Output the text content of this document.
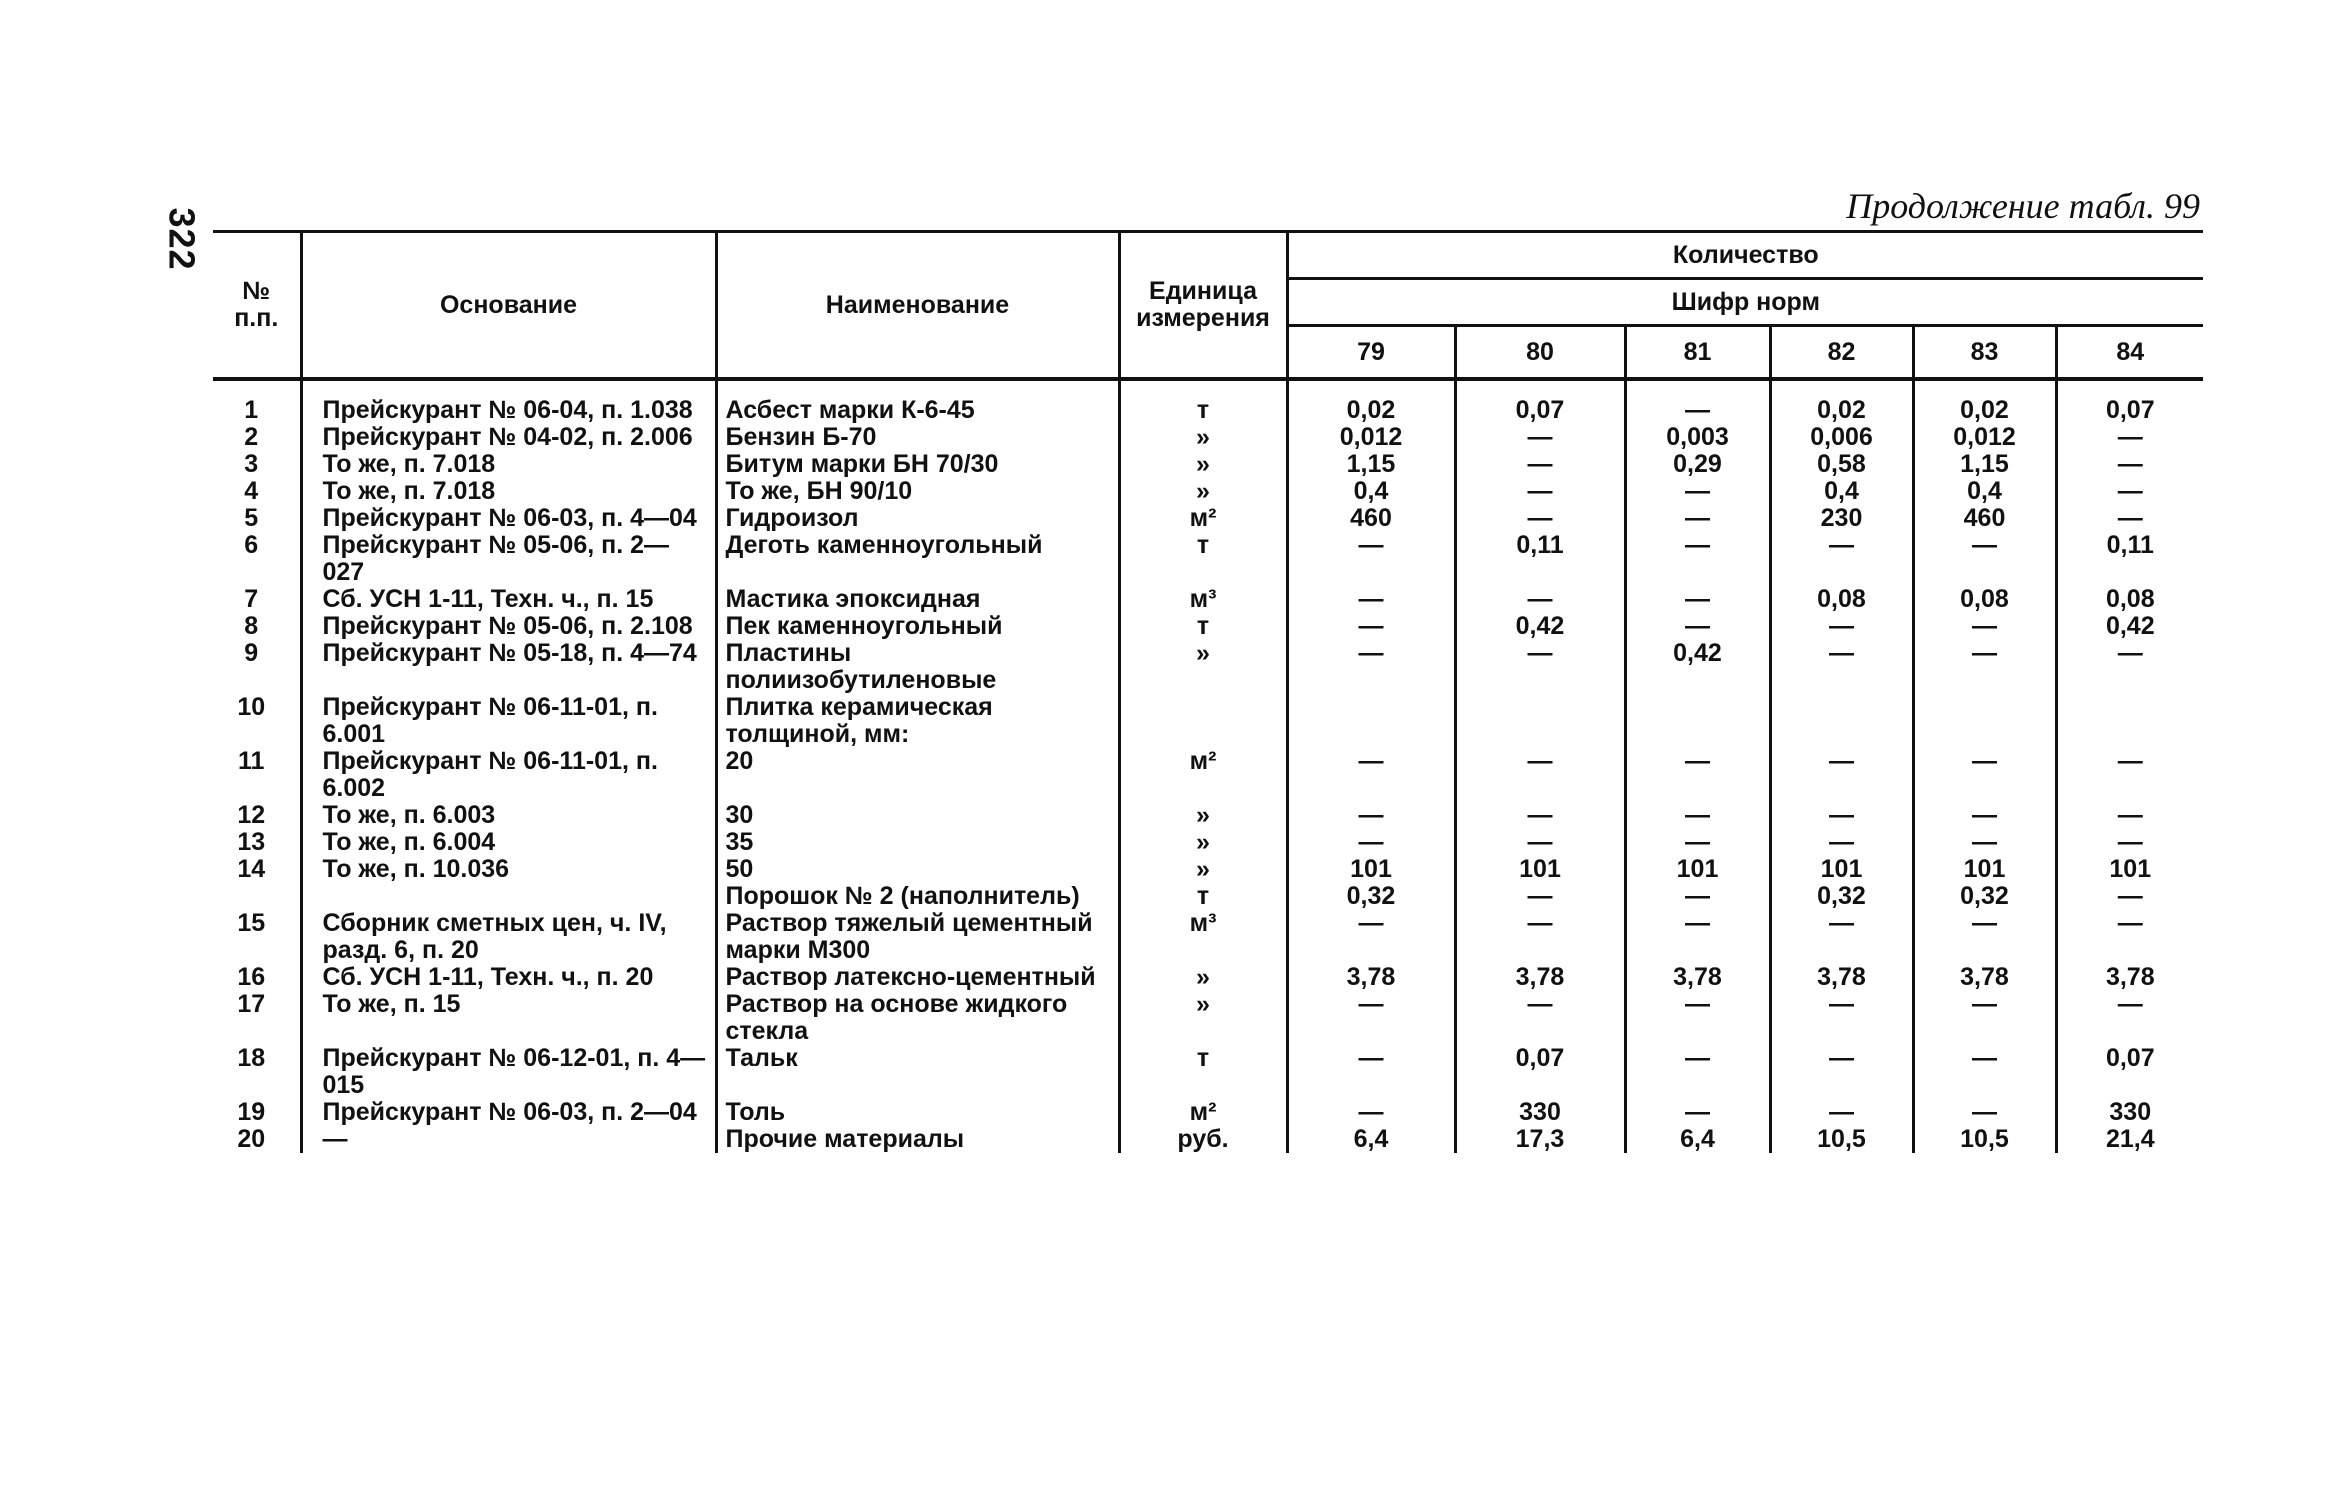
322
Продолжение табл. 99
№ п.п.	Основание	Наименование	Единица измерения	Количество					
				Шифр норм					
				79	80	81	82	83	84

1	Прейскурант № 06-04, п. 1.038	Асбест марки К-6-45	т	0,02	0,07	—	0,02	0,02	0,07
2	Прейскурант № 04-02, п. 2.006	Бензин Б-70	»	0,012	—	0,003	0,006	0,012	—
3	То же, п. 7.018	Битум марки БН 70/30	»	1,15	—	0,29	0,58	1,15	—
4	То же, п. 7.018	То же, БН 90/10	»	0,4	—	—	0,4	0,4	—
5	Прейскурант № 06-03, п. 4—04	Гидроизол	м²	460	—	—	230	460	—
6	Прейскурант № 05-06, п. 2—027	Деготь каменноугольный	т	—	0,11	—	—	—	0,11
7	Сб. УСН 1-11, Техн. ч., п. 15	Мастика эпоксидная	м³	—	—	—	0,08	0,08	0,08
8	Прейскурант № 05-06, п. 2.108	Пек каменноугольный	т	—	0,42	—	—	—	0,42
9	Прейскурант № 05-18, п. 4—74	Пластины полиизобутиленовые	»	—	—	0,42	—	—	—
10	Прейскурант № 06-11-01, п. 6.001	Плитка керамическая толщиной, мм:							
11	Прейскурант № 06-11-01, п. 6.002	20	м²	—	—	—	—	—	—
12	То же, п. 6.003	30	»	—	—	—	—	—	—
13	То же, п. 6.004	35	»	—	—	—	—	—	—
14	То же, п. 10.036	50	»	101	101	101	101	101	101
		Порошок № 2 (наполнитель)	т	0,32	—	—	0,32	0,32	—
15	Сборник сметных цен, ч. IV, разд. 6, п. 20	Раствор тяжелый цементный марки М300	м³	—	—	—	—	—	—
16	Сб. УСН 1-11, Техн. ч., п. 20	Раствор латексно-цементный	»	3,78	3,78	3,78	3,78	3,78	3,78
17	То же, п. 15	Раствор на основе жидкого стекла	»	—	—	—	—	—	—
18	Прейскурант № 06-12-01, п. 4—015	Тальк	т	—	0,07	—	—	—	0,07
19	Прейскурант № 06-03, п. 2—04	Толь	м²	—	330	—	—	—	330
20	—	Прочие материалы	руб.	6,4	17,3	6,4	10,5	10,5	21,4
